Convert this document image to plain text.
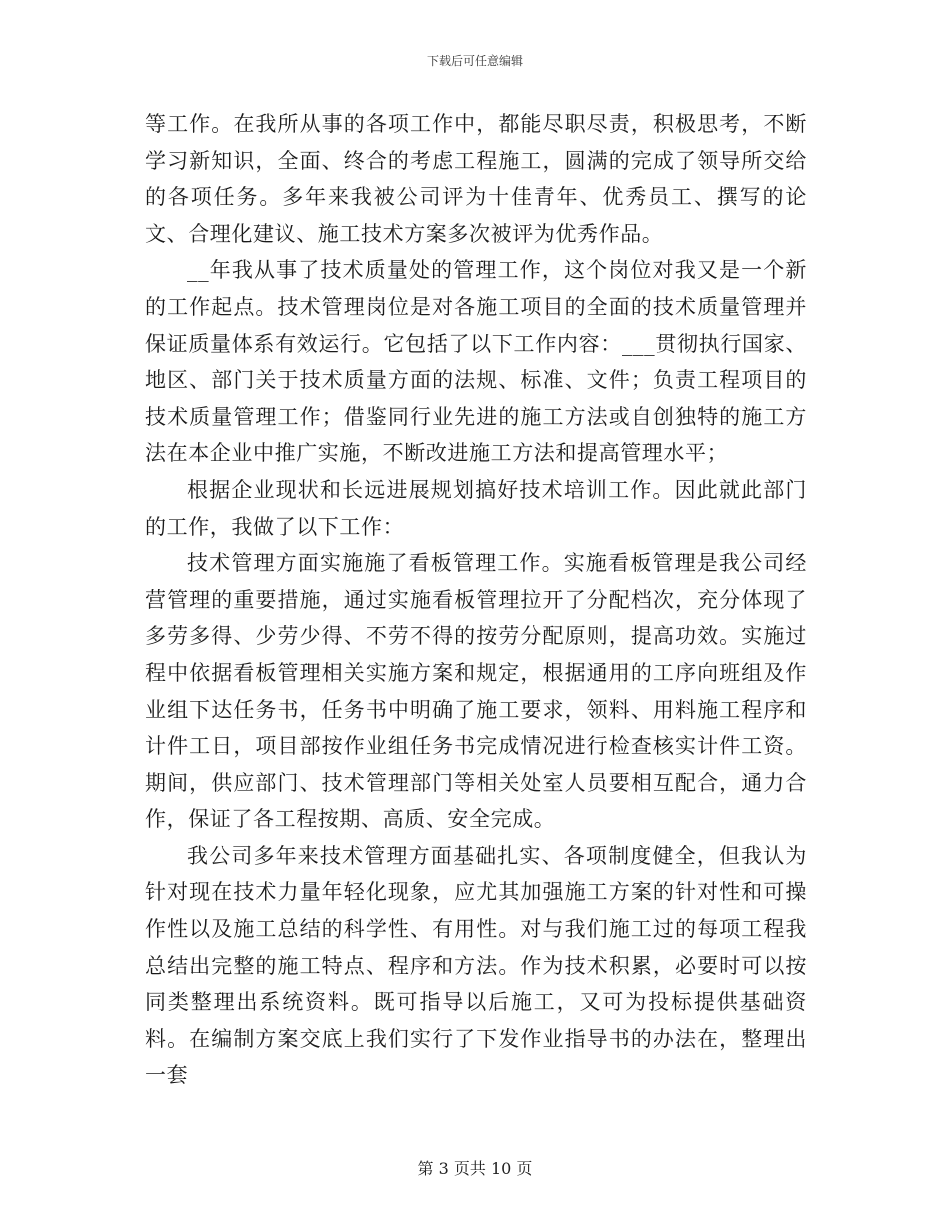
下载后可任意编辑

等工作。在我所从事的各项工作中，都能尽职尽责，积极思考，不断学习新知识，全面、终合的考虑工程施工，圆满的完成了领导所交给的各项任务。多年来我被公司评为十佳青年、优秀员工、撰写的论文、合理化建议、施工技术方案多次被评为优秀作品。

__年我从事了技术质量处的管理工作，这个岗位对我又是一个新的工作起点。技术管理岗位是对各施工项目的全面的技术质量管理并保证质量体系有效运行。它包括了以下工作内容：___贯彻执行国家、地区、部门关于技术质量方面的法规、标准、文件；负责工程项目的技术质量管理工作；借鉴同行业先进的施工方法或自创独特的施工方法在本企业中推广实施，不断改进施工方法和提高管理水平；

根据企业现状和长远进展规划搞好技术培训工作。因此就此部门的工作，我做了以下工作：

技术管理方面实施施了看板管理工作。实施看板管理是我公司经营管理的重要措施，通过实施看板管理拉开了分配档次，充分体现了多劳多得、少劳少得、不劳不得的按劳分配原则，提高功效。实施过程中依据看板管理相关实施方案和规定，根据通用的工序向班组及作业组下达任务书，任务书中明确了施工要求，领料、用料施工程序和计件工日，项目部按作业组任务书完成情况进行检查核实计件工资。期间，供应部门、技术管理部门等相关处室人员要相互配合，通力合作，保证了各工程按期、高质、安全完成。

我公司多年来技术管理方面基础扎实、各项制度健全，但我认为针对现在技术力量年轻化现象，应尤其加强施工方案的针对性和可操作性以及施工总结的科学性、有用性。对与我们施工过的每项工程我总结出完整的施工特点、程序和方法。作为技术积累，必要时可以按同类整理出系统资料。既可指导以后施工，又可为投标提供基础资料。在编制方案交底上我们实行了下发作业指导书的办法在，整理出一套

第 3 页共 10 页
